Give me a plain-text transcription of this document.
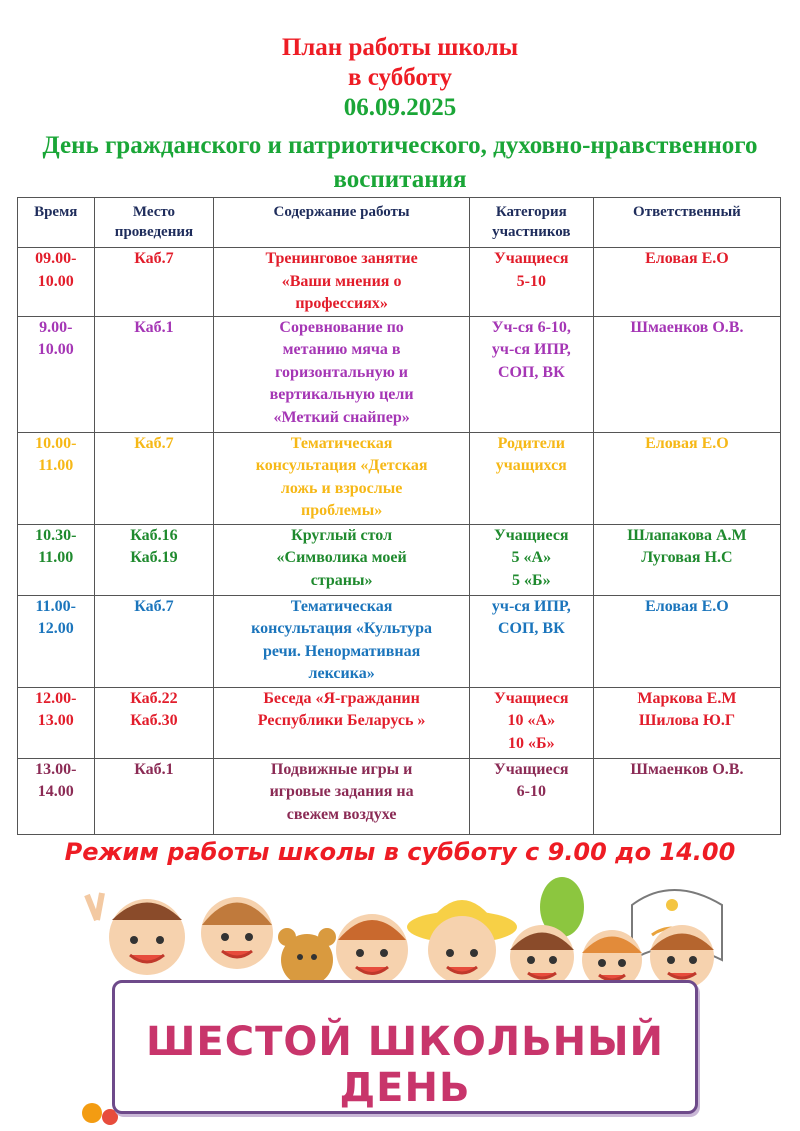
План работы школы
в субботу
06.09.2025
День гражданского и патриотического, духовно-нравственного воспитания
Время	Место проведения	Содержание работы	Категория участников	Ответственный
09.00-
10.00	Каб.7	Тренинговое занятие
«Ваши мнения о
профессиях»	Учащиеся
5-10	Еловая Е.О
9.00-
10.00	Каб.1	Соревнование по
метанию мяча в
горизонтальную и
вертикальную цели
«Меткий снайпер»	Уч-ся 6-10,
уч-ся ИПР,
СОП, ВК	Шмаенков О.В.
10.00-
11.00	Каб.7	Тематическая
консультация «Детская
ложь и взрослые
проблемы»	Родители
учащихся	Еловая Е.О
10.30-
11.00	Каб.16
Каб.19	Круглый стол
«Символика моей
страны»	Учащиеся
5 «А»
5 «Б»	Шлапакова А.М
Луговая Н.С
11.00-
12.00	Каб.7	Тематическая
консультация «Культура
речи. Ненормативная
лексика»	уч-ся ИПР,
СОП, ВК	Еловая Е.О
12.00-
13.00	Каб.22
Каб.30	Беседа «Я-гражданин
Республики Беларусь »	Учащиеся
10 «А»
10 «Б»	Маркова Е.М
Шилова Ю.Г
13.00-
14.00	Каб.1	Подвижные игры и
игровые задания на
свежем воздухе	Учащиеся
6-10	Шмаенков О.В.
Режим работы школы в субботу с 9.00 до 14.00
ШЕСТОЙ ШКОЛЬНЫЙ ДЕНЬ
